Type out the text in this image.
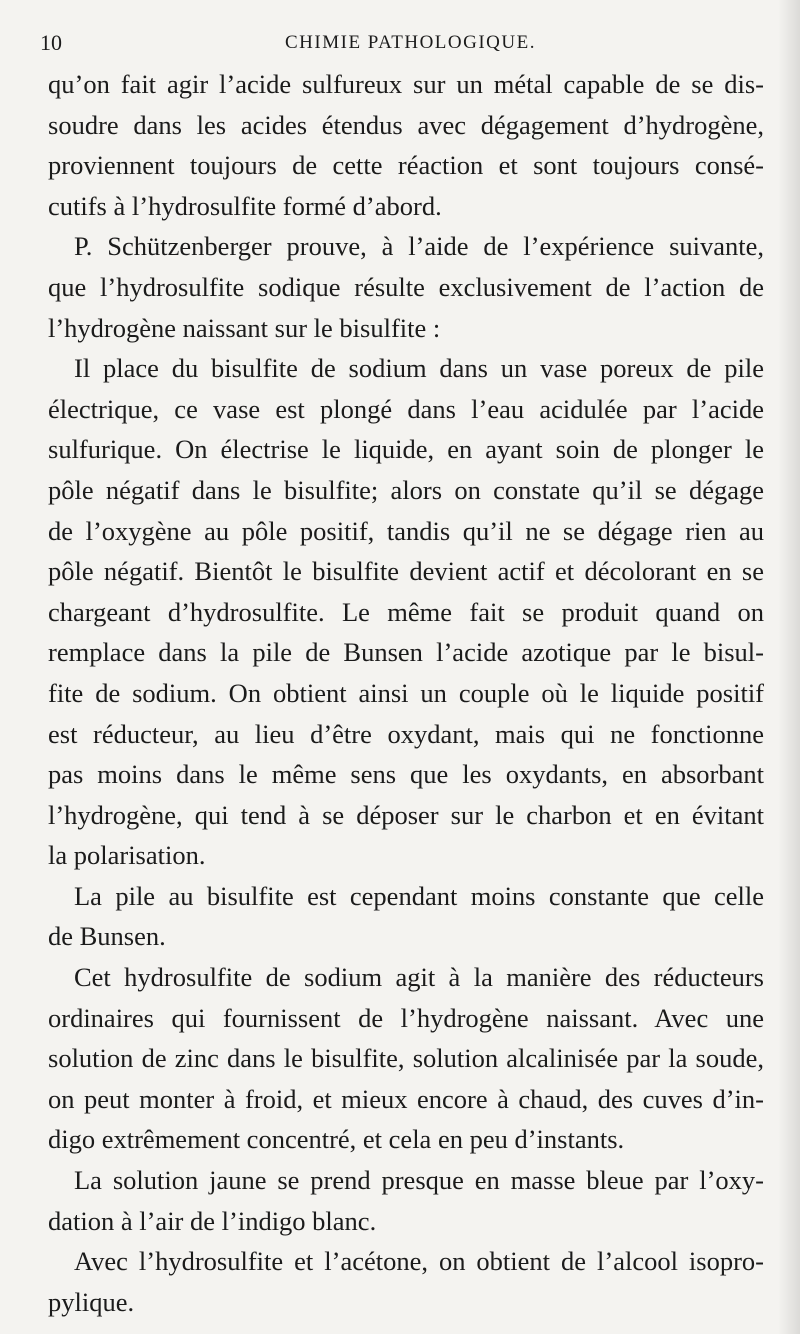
10	CHIMIE PATHOLOGIQUE.
qu’on fait agir l’acide sulfureux sur un métal capable de se dis-
soudre dans les acides étendus avec dégagement d’hydrogène,
proviennent toujours de cette réaction et sont toujours consé-
cutifs à l’hydrosulfite formé d’abord.
P. Schützenberger prouve, à l’aide de l’expérience suivante,
que l’hydrosulfite sodique résulte exclusivement de l’action de
l’hydrogène naissant sur le bisulfite :
Il place du bisulfite de sodium dans un vase poreux de pile
électrique, ce vase est plongé dans l’eau acidulée par l’acide
sulfurique. On électrise le liquide, en ayant soin de plonger le
pôle négatif dans le bisulfite; alors on constate qu’il se dégage
de l’oxygène au pôle positif, tandis qu’il ne se dégage rien au
pôle négatif. Bientôt le bisulfite devient actif et décolorant en se
chargeant d’hydrosulfite. Le même fait se produit quand on
remplace dans la pile de Bunsen l’acide azotique par le bisul-
fite de sodium. On obtient ainsi un couple où le liquide positif
est réducteur, au lieu d’être oxydant, mais qui ne fonctionne
pas moins dans le même sens que les oxydants, en absorbant
l’hydrogène, qui tend à se déposer sur le charbon et en évitant
la polarisation.
La pile au bisulfite est cependant moins constante que celle
de Bunsen.
Cet hydrosulfite de sodium agit à la manière des réducteurs
ordinaires qui fournissent de l’hydrogène naissant. Avec une
solution de zinc dans le bisulfite, solution alcalinisée par la soude,
on peut monter à froid, et mieux encore à chaud, des cuves d’in-
digo extrêmement concentré, et cela en peu d’instants.
La solution jaune se prend presque en masse bleue par l’oxy-
dation à l’air de l’indigo blanc.
Avec l’hydrosulfite et l’acétone, on obtient de l’alcool isopro-
pylique.
